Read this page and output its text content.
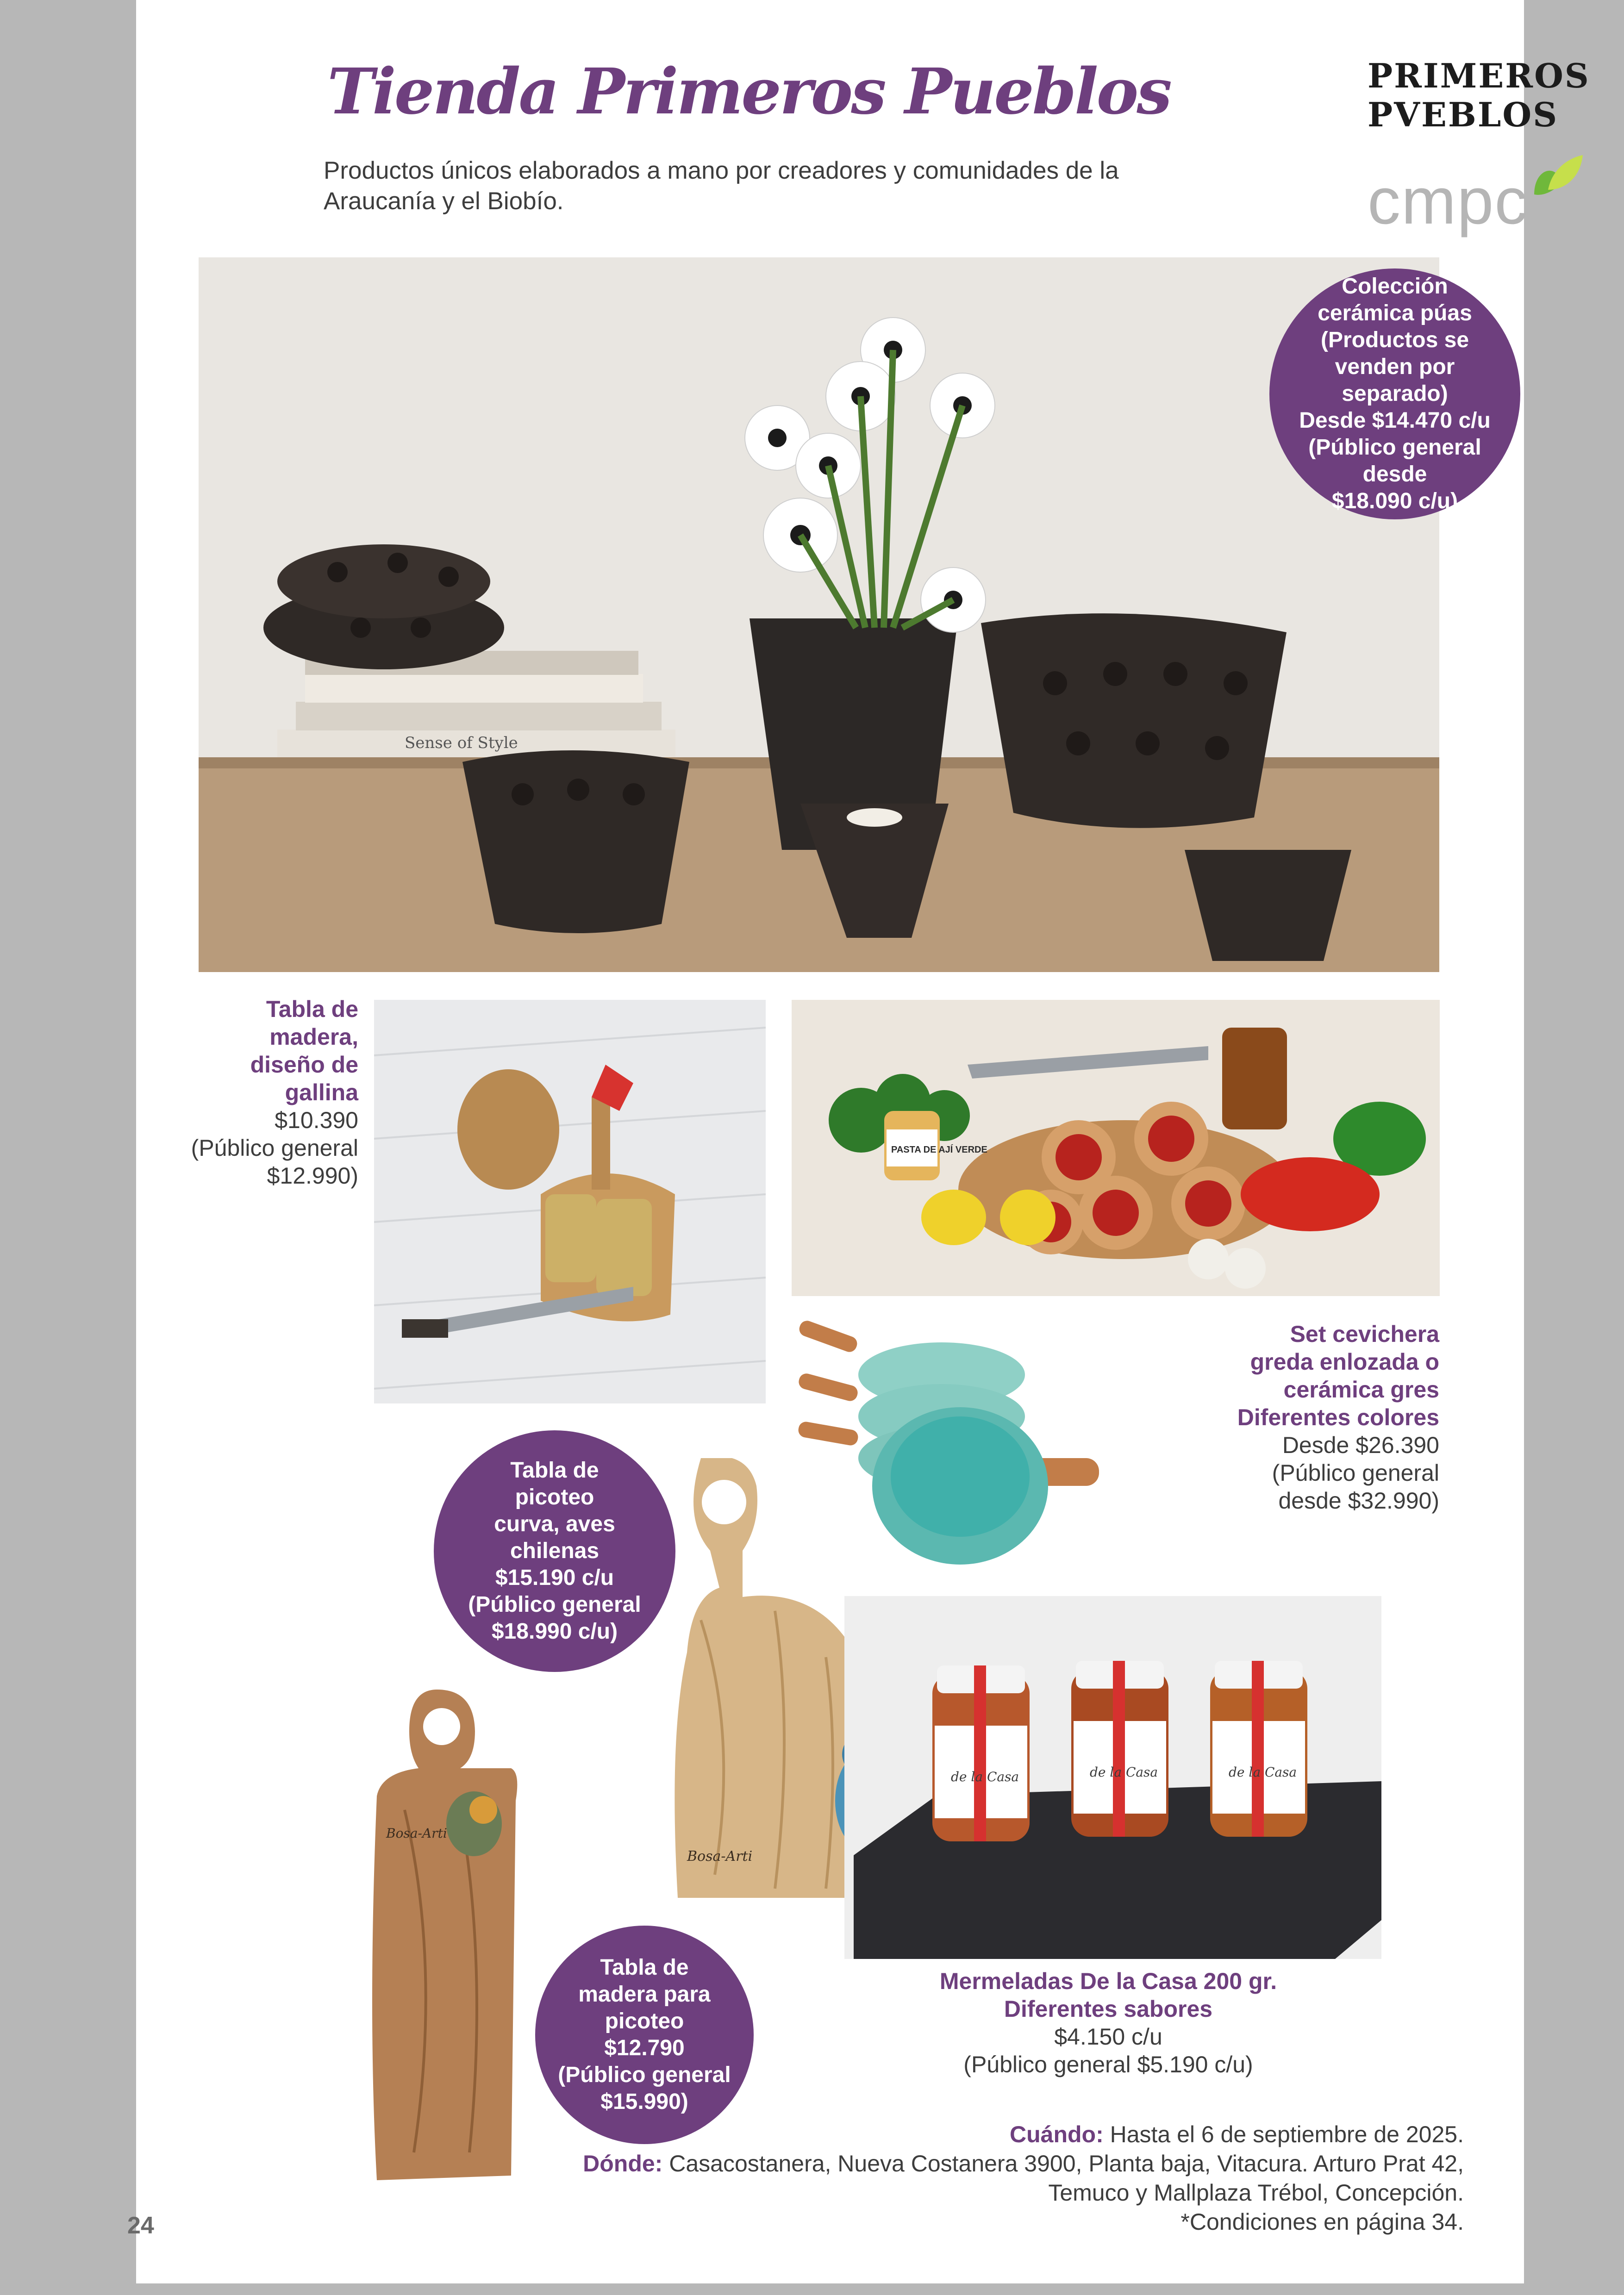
Tienda Primeros Pueblos

Productos únicos elaborados a mano por creadores y comunidades de la Araucanía y el Biobío.

PRIMEROS
PVEBLOS
cmpc
Sense of Style
Colección
cerámica púas
(Productos se
venden por
separado)
Desde $14.470 c/u
(Público general
desde
$18.090 c/u)
Tabla de
madera,
diseño de
gallina
$10.390
(Público general
$12.990)
PASTA DE AJÍ VERDE
Set cevichera
greda enlozada o
cerámica gres
Diferentes colores
Desde $26.390
(Público general
desde $32.990)
Bosa-Arti
Tabla de
picoteo
curva, aves
chilenas
$15.190 c/u
(Público general
$18.990 c/u)
Bosa-Arti
Tabla de
madera para
picoteo
$12.790
(Público general
$15.990)
de la Casa	de la Casa	de la Casa
Mermeladas De la Casa 200 gr.
Diferentes sabores
$4.150 c/u
(Público general $5.190 c/u)
Cuándo: Hasta el 6 de septiembre de 2025.
Dónde: Casacostanera, Nueva Costanera 3900, Planta baja, Vitacura. Arturo Prat 42,
Temuco y Mallplaza Trébol, Concepción.
*Condiciones en página 34.
24
